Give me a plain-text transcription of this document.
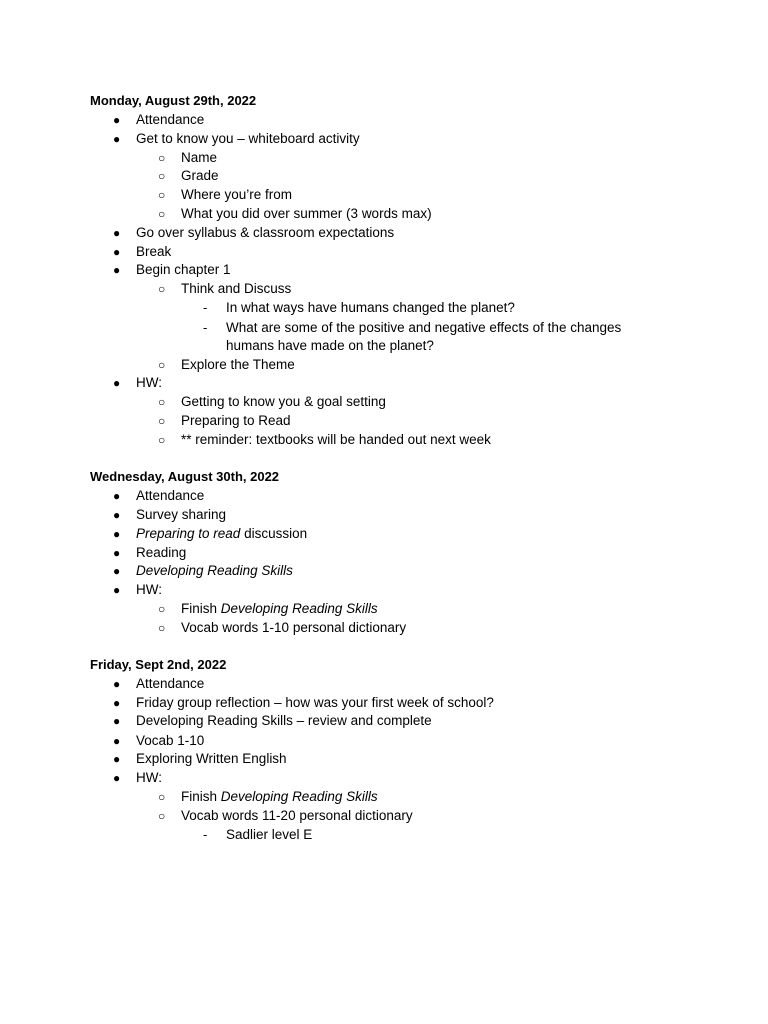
Monday, August 29th, 2022
● Attendance
● Get to know you – whiteboard activity
○ Name
○ Grade
○ Where you’re from
○ What you did over summer (3 words max)
● Go over syllabus & classroom expectations
● Break
● Begin chapter 1
○ Think and Discuss
- In what ways have humans changed the planet?
- What are some of the positive and negative effects of the changes
humans have made on the planet?
○ Explore the Theme
● HW:
○ Getting to know you & goal setting
○ Preparing to Read
○ ** reminder: textbooks will be handed out next week
Wednesday, August 30th, 2022
● Attendance
● Survey sharing
● Preparing to read discussion
● Reading
● Developing Reading Skills
● HW:
○ Finish Developing Reading Skills
○ Vocab words 1-10 personal dictionary
Friday, Sept 2nd, 2022
● Attendance
● Friday group reflection – how was your first week of school?
● Developing Reading Skills – review and complete
● Vocab 1-10
● Exploring Written English
● HW:
○ Finish Developing Reading Skills
○ Vocab words 11-20 personal dictionary
- Sadlier level E
